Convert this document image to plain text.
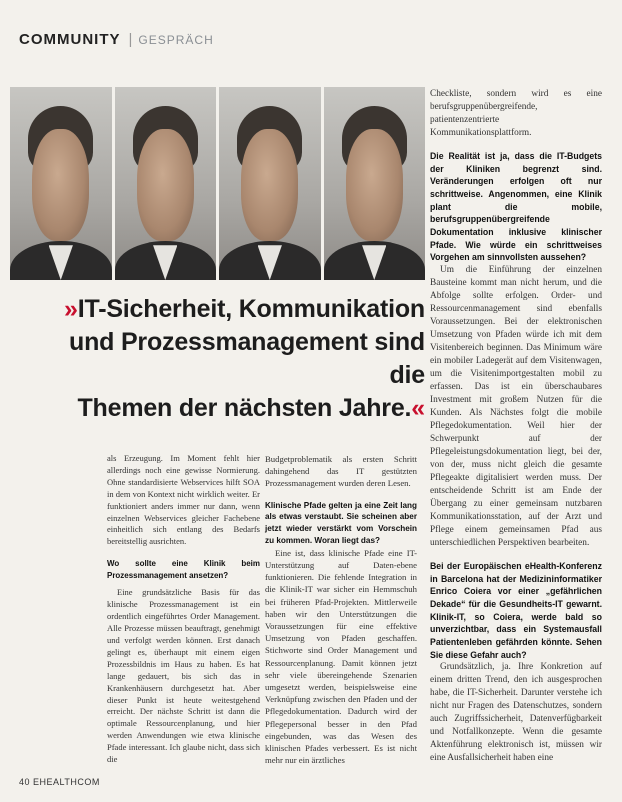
COMMUNITY | GESPRÄCH
»IT-Sicherheit, Kommunikation
und Prozessmanagement sind die
Themen der nächsten Jahre.«

als Erzeugung. Im Moment fehlt hier allerdings noch eine gewisse Normierung. Ohne standardisierte Webservices hilft SOA in dem von Kontext nicht wirklich weiter. Er funktioniert anders immer nur dann, wenn einzelnen Webservices gleicher Fachebene einheitlich sich entlang des Bedarfs bereitstellig ausrichten.

Wo sollte eine Klinik beim Prozessmanagement ansetzen?

Eine grundsätzliche Basis für das klinische Prozessmanagement ist ein ordentlich eingeführtes Order Management. Alle Prozesse müssen beauftragt, genehmigt und verfolgt werden können. Erst danach gelingt es, überhaupt mit einem eigen Prozessbildnis im Haus zu haben. Es hat lange gedauert, bis sich das in Krankenhäusern durchgesetzt hat. Aber dieser Punkt ist heute weitestgehend erreicht. Der nächste Schritt ist dann die optimale Ressourcenplanung, und hier werden Anwendungen wie etwa klinische Pfade interessant. Ich glaube nicht, dass sich die

Budgetproblematik als ersten Schritt dahingehend das IT gestützten Prozessmanagement wurden deren Lesen.

Klinische Pfade gelten ja eine Zeit lang als etwas verstaubt. Sie scheinen aber jetzt wieder verstärkt vom Vorschein zu kommen. Woran liegt das?

Eine ist, dass klinische Pfade eine IT-Unterstützung auf Daten-ebene funktionieren. Die fehlende Integration in die Klinik-IT war sicher ein Hemmschuh bei früheren Pfad-Projekten. Mittlerweile haben wir den Unterstützungen die Voraussetzungen für eine effektive Umsetzung von Pfaden geschaffen. Stichworte sind Order Management und Ressourcenplanung. Damit können jetzt sehr viele übereingehende Szenarien umgesetzt werden, beispielsweise eine Verknüpfung zwischen den Pfaden und der Pflegedokumentation. Dadurch wird der Pflegepersonal besser in den Pfad eingebunden, was das Wesen des klinischen Pfades verbessert. Es ist nicht mehr nur ein ärztliches

Checkliste, sondern wird es eine berufsgruppenübergreifende, patientenzentrierte Kommunikationsplattform.

Die Realität ist ja, dass die IT-Budgets der Kliniken begrenzt sind. Veränderungen erfolgen oft nur schrittweise. Angenommen, eine Klinik plant die mobile, berufsgruppenübergreifende Dokumentation inklusive klinischer Pfade. Wie würde ein schrittweises Vorgehen am sinnvollsten aussehen?

Um die Einführung der einzelnen Bausteine kommt man nicht herum, und die Abfolge sollte erfolgen. Order- und Ressourcenmanagement sind ebenfalls Voraussetzungen. Bei der elektronischen Umsetzung von Pfaden würde ich mit dem Visitenbereich beginnen. Das Minimum wäre ein mobiler Ladegerät auf dem Visitenwagen, um die Visitenimportgestalten mobil zu erfassen. Das ist ein überschaubares Investment mit großem Nutzen für die Kunden. Als Nächstes folgt die mobile Pflegedokumentation. Weil hier der Schwerpunkt auf der Pflegeleistungsdokumentation liegt, bei der, von der, muss nicht gleich die gesamte Pflegeakte digitalisiert werden muss. Der entscheidende Schritt ist am Ende der Übergang zu einer gemeinsam nutzbaren Kommunikationsstation, auf der Arzt und Pflege einem gemeinsamen Pfad aus unterschiedlichen Perspektiven bearbeiten.

Bei der Europäischen eHealth-Konferenz in Barcelona hat der Medizininformatiker Enrico Coiera vor einer „gefährlichen Dekade“ für die Gesundheits-IT gewarnt. Klinik-IT, so Coiera, werde bald so unverzichtbar, dass ein Systemausfall Patientenleben gefährden könnte. Sehen Sie diese Gefahr auch?

Grundsätzlich, ja. Ihre Konkretion auf einem dritten Trend, den ich ausgesprochen habe, die IT-Sicherheit. Darunter verstehe ich nicht nur Fragen des Datenschutzes, sondern auch Zugriffssicherheit, Datenverfügbarkeit und Notfallkonzepte. Wenn die gesamte Aktenführung elektronisch ist, müssen wir eine Ausfallsicherheit haben eine

40 EHEALTHCOM
